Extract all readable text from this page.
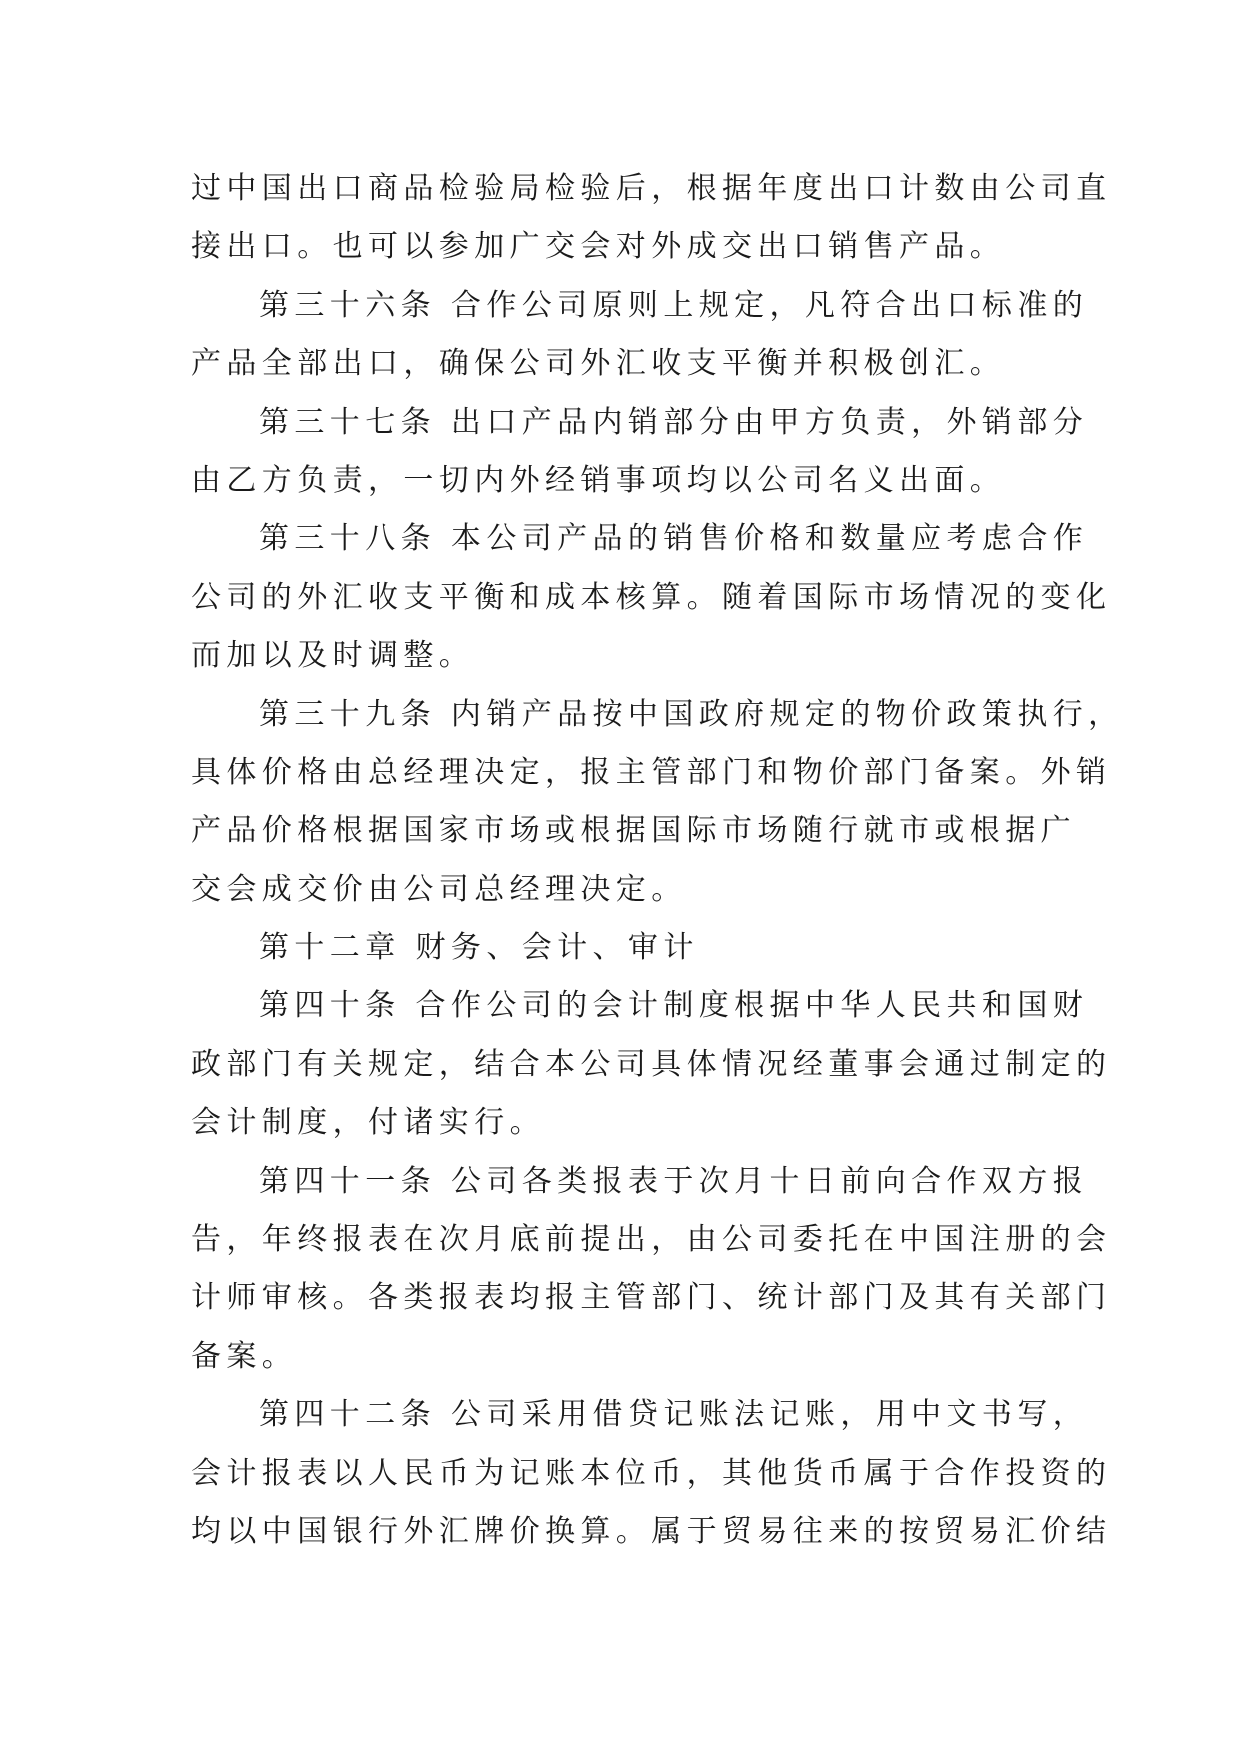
过中国出口商品检验局检验后，根据年度出口计数由公司直
接出口。也可以参加广交会对外成交出口销售产品。
第三十六条 合作公司原则上规定，凡符合出口标准的
产品全部出口，确保公司外汇收支平衡并积极创汇。
第三十七条 出口产品内销部分由甲方负责，外销部分
由乙方负责，一切内外经销事项均以公司名义出面。
第三十八条 本公司产品的销售价格和数量应考虑合作
公司的外汇收支平衡和成本核算。随着国际市场情况的变化
而加以及时调整。
第三十九条 内销产品按中国政府规定的物价政策执行，
具体价格由总经理决定，报主管部门和物价部门备案。外销
产品价格根据国家市场或根据国际市场随行就市或根据广
交会成交价由公司总经理决定。
第十二章 财务、会计、审计
第四十条 合作公司的会计制度根据中华人民共和国财
政部门有关规定，结合本公司具体情况经董事会通过制定的
会计制度，付诸实行。
第四十一条 公司各类报表于次月十日前向合作双方报
告，年终报表在次月底前提出，由公司委托在中国注册的会
计师审核。各类报表均报主管部门、统计部门及其有关部门
备案。
第四十二条 公司采用借贷记账法记账，用中文书写，
会计报表以人民币为记账本位币，其他货币属于合作投资的
均以中国银行外汇牌价换算。属于贸易往来的按贸易汇价结
